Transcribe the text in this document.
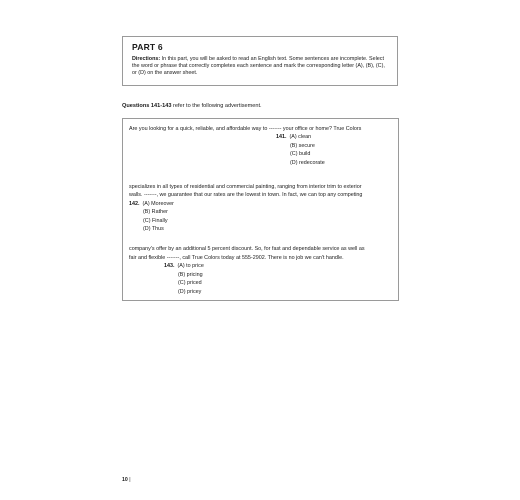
PART 6

Directions: In this part, you will be asked to read an English text. Some sentences are incomplete. Select the word or phrase that correctly completes each sentence and mark the corresponding letter (A), (B), (C), or (D) on the answer sheet.

Questions 141-143 refer to the following advertisement.

Are you looking for a quick, reliable, and affordable way to ------- your office or home? True Colors

141. (A) clean
(B) secure
(C) build
(D) redecorate

specializes in all types of residential and commercial painting, ranging from interior trim to exterior

walls. -------, we guarantee that our rates are the lowest in town. In fact, we can top any competing

142. (A) Moreover
(B) Rather
(C) Finally
(D) Thus

company's offer by an additional 5 percent discount. So, for fast and dependable service as well as

fair and flexible -------, call True Colors today at 555-2902. There is no job we can't handle.

143. (A) to price
(B) pricing
(C) priced
(D) pricey

10 |
